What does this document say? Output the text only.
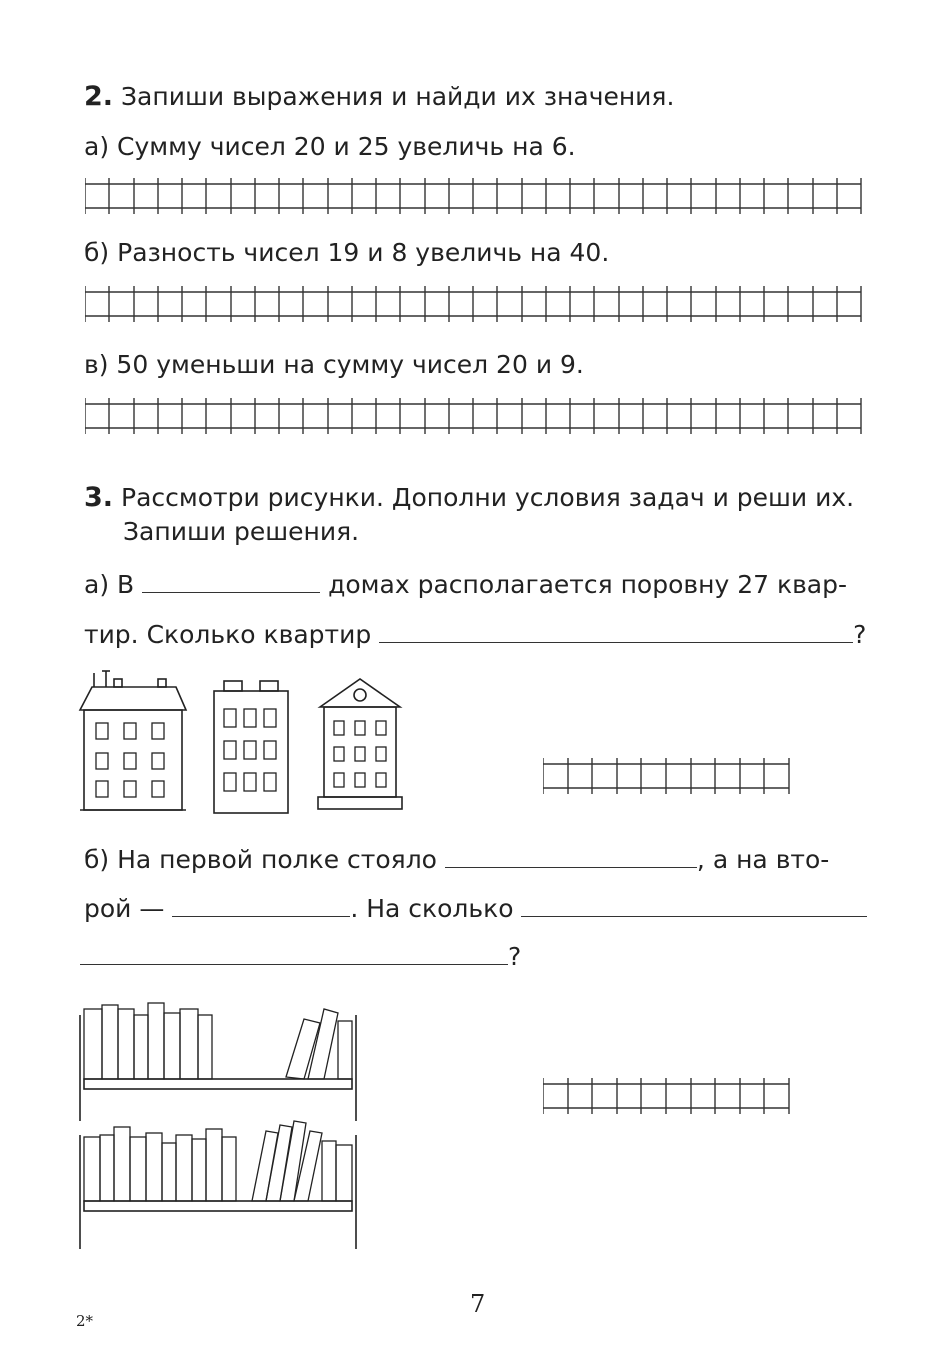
2. Запиши выражения и найди их значения.
а) Сумму чисел 20 и 25 увеличь на 6.
б) Разность чисел 19 и 8 увеличь на 40.
в) 50 уменьши на сумму чисел 20 и 9.
3. Рассмотри рисунки. Дополни условия задач и реши их.
Запиши решения.
а) В	домах располагается поровну 27 квар-
тир. Сколько квартир	?
б) На первой полке стояло	, а на вто-
рой —	. На сколько
?
7
2*
